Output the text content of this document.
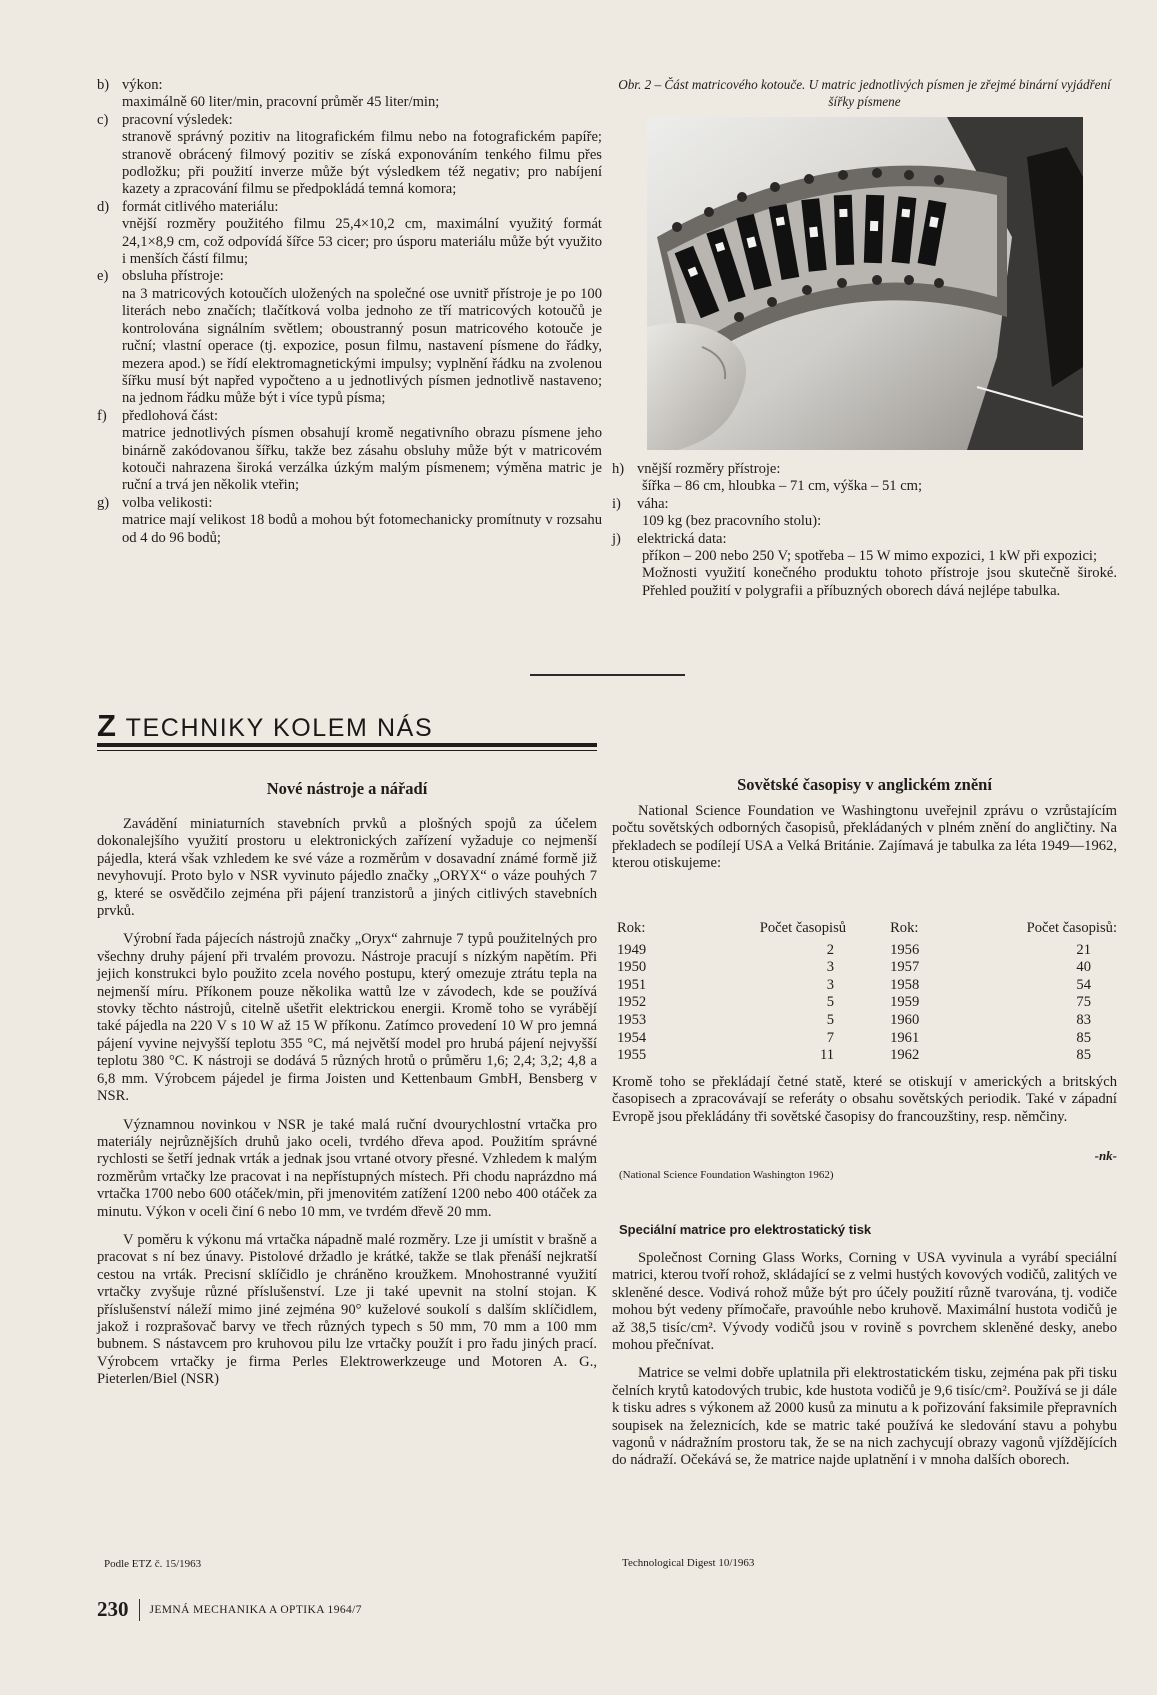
b) výkon:
maximálně 60 liter/min, pracovní průměr 45 liter/min;
c) pracovní výsledek:
stranově správný pozitiv na litografickém filmu nebo na fotografickém papíře; stranově obrácený filmový pozitiv se získá exponováním tenkého filmu přes podložku; při použití inverze může být výsledkem též negativ; pro nabíjení kazety a zpracování filmu se předpokládá temná komora;
d) formát citlivého materiálu:
vnější rozměry použitého filmu 25,4×10,2 cm, maximální využitý formát 24,1×8,9 cm, což odpovídá šířce 53 cicer; pro úsporu materiálu může být využito i menších částí filmu;
e) obsluha přístroje:
na 3 matricových kotoučích uložených na společné ose uvnitř přístroje je po 100 literách nebo značích; tlačítková volba jednoho ze tří matricových kotoučů je kontrolována signálním světlem; oboustranný posun matricového kotouče je ruční; vlastní operace (tj. expozice, posun filmu, nastavení písmene do řádky, mezera apod.) se řídí elektromagnetickými impulsy; vyplnění řádku na zvolenou šířku musí být napřed vypočteno a u jednotlivých písmen jednotlivě nastaveno; na jednom řádku může být i více typů písma;
f)	předlohová část:
matrice jednotlivých písmen obsahují kromě negativního obrazu písmene jeho binárně zakódovanou šířku, takže bez zásahu obsluhy může být v matricovém kotouči nahrazena široká verzálka úzkým malým písmenem; výměna matric je ruční a trvá jen několik vteřin;
g) volba velikosti:
matrice mají velikost 18 bodů a mohou být fotomechanicky promítnuty v rozsahu od 4 do 96 bodů;
Z TECHNIKY KOLEM NÁS
Nové nástroje a nářadí

Zavádění miniaturních stavebních prvků a plošných spojů za účelem dokonalejšího využití prostoru u elektronických zařízení vyžaduje co nejmenší pájedla, která však vzhledem ke své váze a rozměrům v dosavadní známé formě již nevyhovují. Proto bylo v NSR vyvinuto pájedlo značky „ORYX“ o váze pouhých 7 g, které se osvědčilo zejména při pájení tranzistorů a jiných citlivých stavebních prvků.

Výrobní řada pájecích nástrojů značky „Oryx“ zahrnuje 7 typů použitelných pro všechny druhy pájení při trvalém provozu. Nástroje pracují s nízkým napětím. Při jejich konstrukci bylo použito zcela nového postupu, který omezuje ztrátu tepla na nejmenší míru. Příkonem pouze několika wattů lze v závodech, kde se používá stovky těchto nástrojů, citelně ušetřit elektrickou energii. Kromě toho se vyrábějí také pájedla na 220 V s 10 W až 15 W příkonu. Zatímco provedení 10 W pro jemná pájení vyvine nejvyšší teplotu 355 °C, má největší model pro hrubá pájení nejvyšší teplotu 380 °C. K nástroji se dodává 5 různých hrotů o průměru 1,6; 2,4; 3,2; 4,8 a 6,8 mm. Výrobcem pájedel je firma Joisten und Kettenbaum GmbH, Bensberg v NSR.

Významnou novinkou v NSR je také malá ruční dvourychlostní vrtačka pro materiály nejrůznějších druhů jako oceli, tvrdého dřeva apod. Použitím správné rychlosti se šetří jednak vrták a jednak jsou vrtané otvory přesné. Vzhledem k malým rozměrům vrtačky lze pracovat i na nepřístupných místech. Při chodu naprázdno má vrtačka 1700 nebo 600 otáček/min, při jmenovitém zatížení 1200 nebo 400 otáček za minutu. Výkon v oceli činí 6 nebo 10 mm, ve tvrdém dřevě 20 mm.

V poměru k výkonu má vrtačka nápadně malé rozměry. Lze ji umístit v brašně a pracovat s ní bez únavy. Pistolové držadlo je krátké, takže se tlak přenáší nejkratší cestou na vrták. Precisní sklíčidlo je chráněno kroužkem. Mnohostranné využití vrtačky zvyšuje různé příslušenství. Lze ji také upevnit na stolní stojan. K příslušenství náleží mimo jiné zejména 90° kuželové soukolí s dalším sklíčidlem, jakož i rozprašovač barvy ve třech různých typech s 50 mm, 70 mm a 100 mm bubnem. S nástavcem pro kruhovou pilu lze vrtačky použít i pro řadu jiných prací. Výrobcem vrtačky je firma Perles Elektrowerkzeuge und Motoren A. G., Pieterlen/Biel (NSR)

Podle ETZ č. 15/1963
230 JEMNÁ MECHANIKA A OPTIKA 1964/7
Obr. 2 – Část matricového kotouče. U matric jednotlivých písmen je zřejmé binární vyjádření šířky písmene
h) vnější rozměry přístroje:
šířka – 86 cm, hloubka – 71 cm, výška – 51 cm;
i)	váha:
109 kg (bez pracovního stolu):
j)	elektrická data:
příkon – 200 nebo 250 V; spotřeba – 15 W mimo expozici, 1 kW při expozici;
Možnosti využití konečného produktu tohoto přístroje jsou skutečně široké. Přehled použití v polygrafii a příbuzných oborech dává nejlépe tabulka.
Sovětské časopisy v anglickém znění

National Science Foundation ve Washingtonu uveřejnil zprávu o vzrůstajícím počtu sovětských odborných časopisů, překládaných v plném znění do angličtiny. Na překladech se podílejí USA a Velká Británie. Zajímavá je tabulka za léta 1949—1962, kterou otiskujeme:

Rok:	Počet časopisů	Rok:	Počet časopisů:
1949	2	1956	21
1950	3	1957	40
1951	3	1958	54
1952	5	1959	75
1953	5	1960	83
1954	7	1961	85
1955	11	1962	85
Kromě toho se překládají četné statě, které se otiskují v amerických a britských časopisech a zpracovávají se referáty o obsahu sovětských periodik. Také v západní Evropě jsou překládány tři sovětské časopisy do francouzštiny, resp. němčiny.
-nk-
(National Science Foundation Washington 1962)
Speciální matrice pro elektrostatický tisk

Společnost Corning Glass Works, Corning v USA vyvinula a vyrábí speciální matrici, kterou tvoří rohož, skládající se z velmi hustých kovových vodičů, zalitých ve skleněné desce. Vodivá rohož může být pro účely použití různě tvarována, tj. vodiče mohou být vedeny přímočaře, pravoúhle nebo kruhově. Maximální hustota vodičů je až 38,5 tisíc/cm². Vývody vodičů jsou v rovině s povrchem skleněné desky, anebo mohou přečnívat.

Matrice se velmi dobře uplatnila při elektrostatickém tisku, zejména pak při tisku čelních krytů katodových trubic, kde hustota vodičů je 9,6 tisíc/cm². Používá se ji dále k tisku adres s výkonem až 2000 kusů za minutu a k pořizování faksimile přepravních soupisek na železnicích, kde se matric také používá ke sledování stavu a pohybu vagonů v nádražním prostoru tak, že se na nich zachycují obrazy vagonů vjíždějících do nádraží. Očekává se, že matrice najde uplatnění i v mnoha dalších oborech.

Technological Digest 10/1963
